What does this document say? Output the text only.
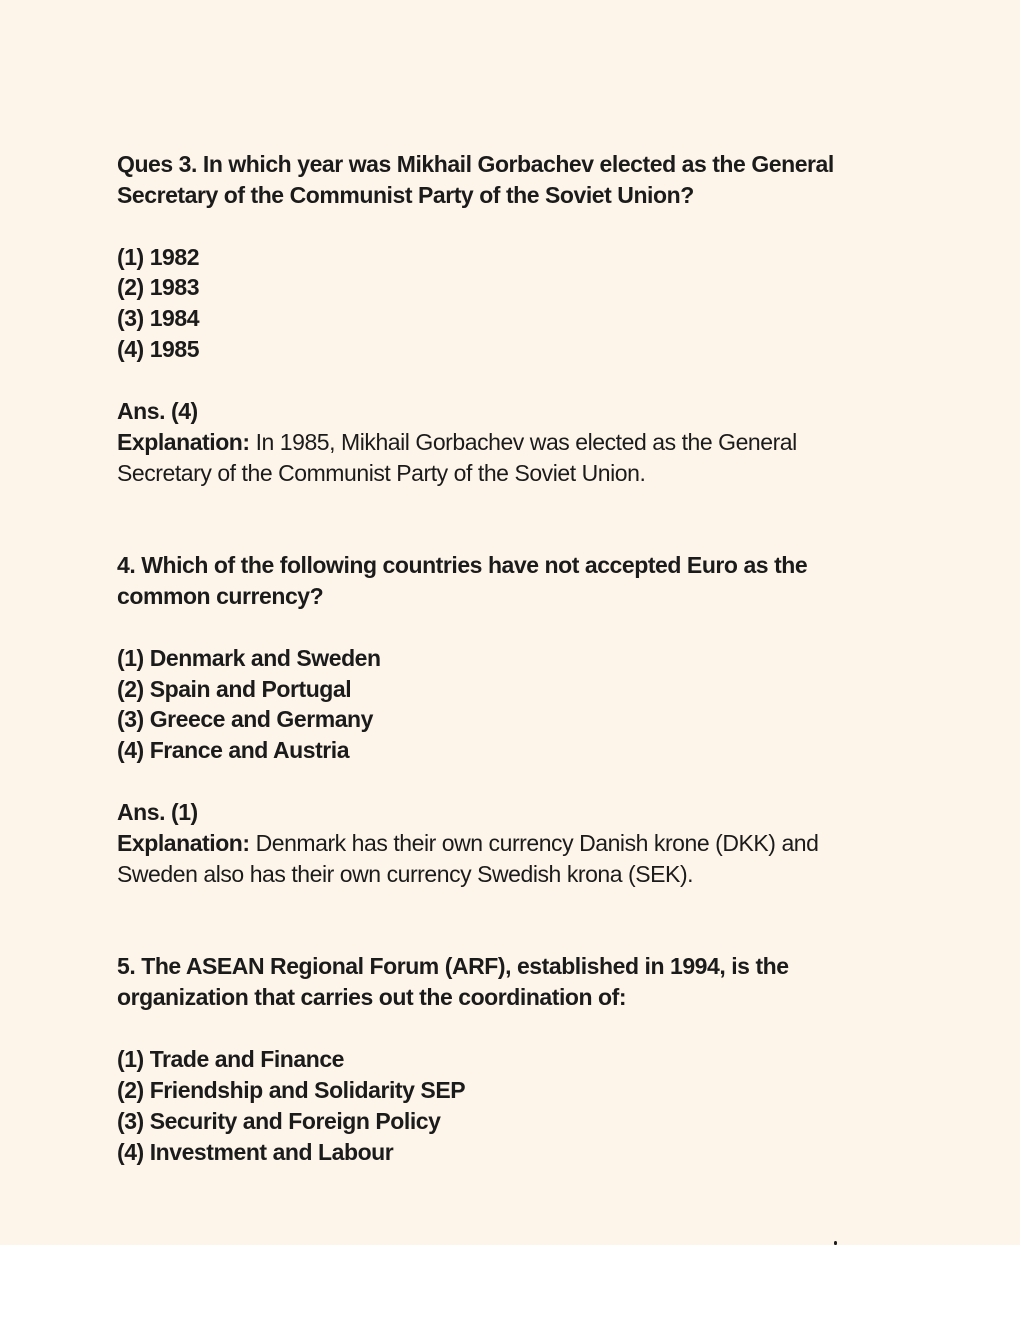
Ques 3. In which year was Mikhail Gorbachev elected as the General
Secretary of the Communist Party of the Soviet Union?
(1) 1982
(2) 1983
(3) 1984
(4) 1985
Ans. (4)
Explanation: In 1985, Mikhail Gorbachev was elected as the General
Secretary of the Communist Party of the Soviet Union.
4. Which of the following countries have not accepted Euro as the
common currency?
(1) Denmark and Sweden
(2) Spain and Portugal
(3) Greece and Germany
(4) France and Austria
Ans. (1)
Explanation: Denmark has their own currency Danish krone (DKK) and
Sweden also has their own currency Swedish krona (SEK).
5. The ASEAN Regional Forum (ARF), established in 1994, is the
organization that carries out the coordination of:
(1) Trade and Finance
(2) Friendship and Solidarity SEP
(3) Security and Foreign Policy
(4) Investment and Labour
